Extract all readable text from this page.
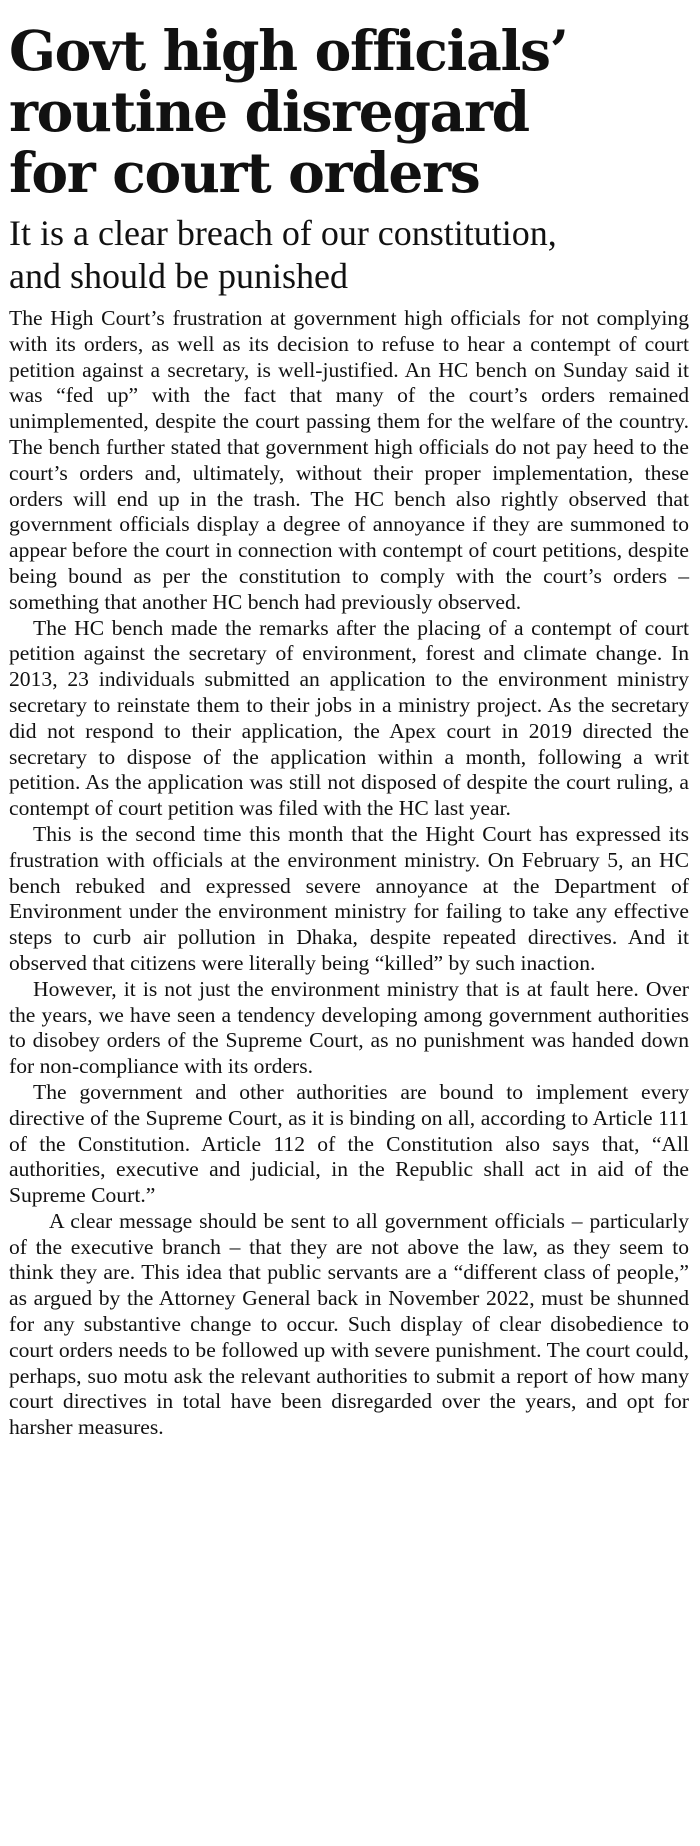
Govt high officials’
routine disregard
for court orders
It is a clear breach of our constitution,
and should be punished

The High Court’s frustration at government high officials for not complying with its orders, as well as its decision to refuse to hear a contempt of court petition against a secretary, is well-justified. An HC bench on Sunday said it was “fed up” with the fact that many of the court’s orders remained unimplemented, despite the court passing them for the welfare of the country. The bench further stated that government high officials do not pay heed to the court’s orders and, ultimately, without their proper implementation, these orders will end up in the trash. The HC bench also rightly observed that government officials display a degree of annoyance if they are summoned to appear before the court in connection with contempt of court petitions, despite being bound as per the constitution to comply with the court’s orders – something that another HC bench had previously observed.

The HC bench made the remarks after the placing of a contempt of court petition against the secretary of environment, forest and climate change. In 2013, 23 individuals submitted an application to the environment ministry secretary to reinstate them to their jobs in a ministry project. As the secretary did not respond to their application, the Apex court in 2019 directed the secretary to dispose of the application within a month, following a writ petition. As the application was still not disposed of despite the court ruling, a contempt of court petition was filed with the HC last year.

This is the second time this month that the Hight Court has expressed its frustration with officials at the environment ministry. On February 5, an HC bench rebuked and expressed severe annoyance at the Department of Environment under the environment ministry for failing to take any effective steps to curb air pollution in Dhaka, despite repeated directives. And it observed that citizens were literally being “killed” by such inaction.

However, it is not just the environment ministry that is at fault here. Over the years, we have seen a tendency developing among government authorities to disobey orders of the Supreme Court, as no punishment was handed down for non-compliance with its orders.

The government and other authorities are bound to implement every directive of the Supreme Court, as it is binding on all, according to Article 111 of the Constitution. Article 112 of the Constitution also says that, “All authorities, executive and judicial, in the Republic shall act in aid of the Supreme Court.”

A clear message should be sent to all government officials – particularly of the executive branch – that they are not above the law, as they seem to think they are. This idea that public servants are a “different class of people,” as argued by the Attorney General back in November 2022, must be shunned for any substantive change to occur. Such display of clear disobedience to court orders needs to be followed up with severe punishment. The court could, perhaps, suo motu ask the relevant authorities to submit a report of how many court directives in total have been disregarded over the years, and opt for harsher measures.
